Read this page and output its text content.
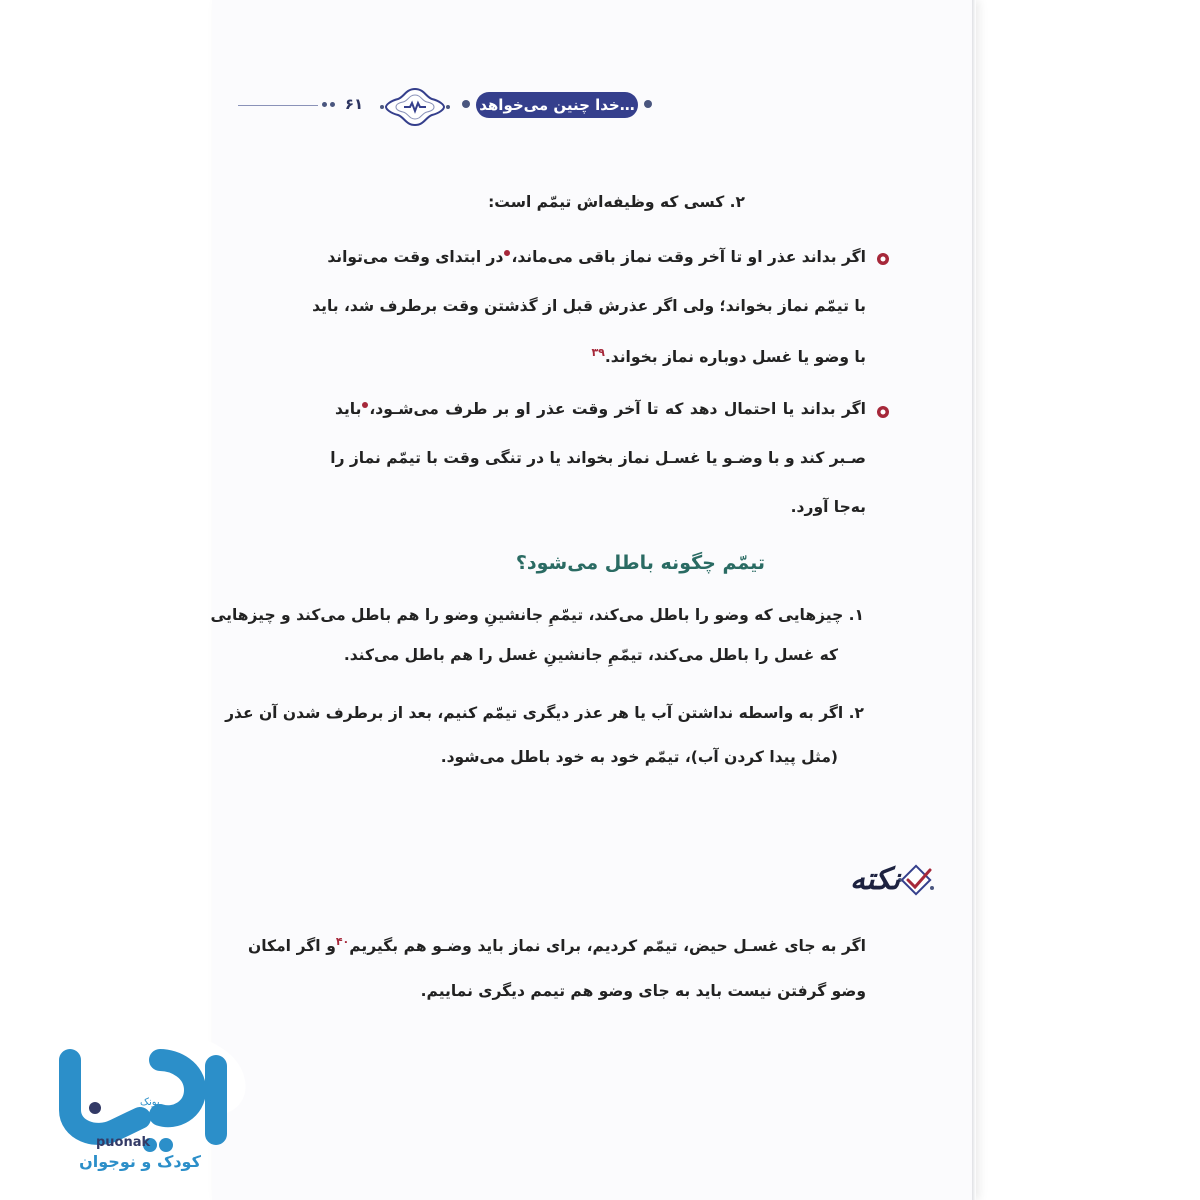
۶۱	خدا چنین می‌خواهد…
۲. کسی که وظیفه‌اش تیمّم است:
اگر بداند عذر او تا آخر وقت نماز باقی می‌ماند،در ابتدای وقت می‌تواند
با تیمّم نماز بخواند؛ ولی اگر عذرش قبل از گذشتن وقت برطرف شد، باید
با وضو یا غسل دوباره نماز بخواند.$^{۳۹}$
اگر بداند یا احتمال دهد که تا آخر وقت عذر او بر طرف می‌شـود،باید
صـبر کند و با وضـو یا غسـل نماز بخواند یا در تنگی وقت با تیمّم نماز را
به‌جا آورد.
تیمّم چگونه باطل می‌شود؟
۱. چیزهایی که وضو را باطل می‌کند، تیمّمِ جانشینِ وضو را هم باطل می‌کند و چیزهایی
که غسل را باطل می‌کند، تیمّمِ جانشینِ غسل را هم باطل می‌کند.
۲. اگر به واسطه نداشتن آب یا هر عذر دیگری تیمّم کنیم، بعد از برطرف شدن آن عذر
(مثل پیدا کردن آب)، تیمّم خود به خود باطل می‌شود.
نکته
اگر به جای غسـل حیض، تیمّم کردیم، برای نماز باید وضـو هم بگیریم$^{۴۰}$و اگر امکان
وضو گرفتن نیست باید به جای وضو هم تیمم دیگری نماییم.
پونک
puonak
کودک و نوجوان
